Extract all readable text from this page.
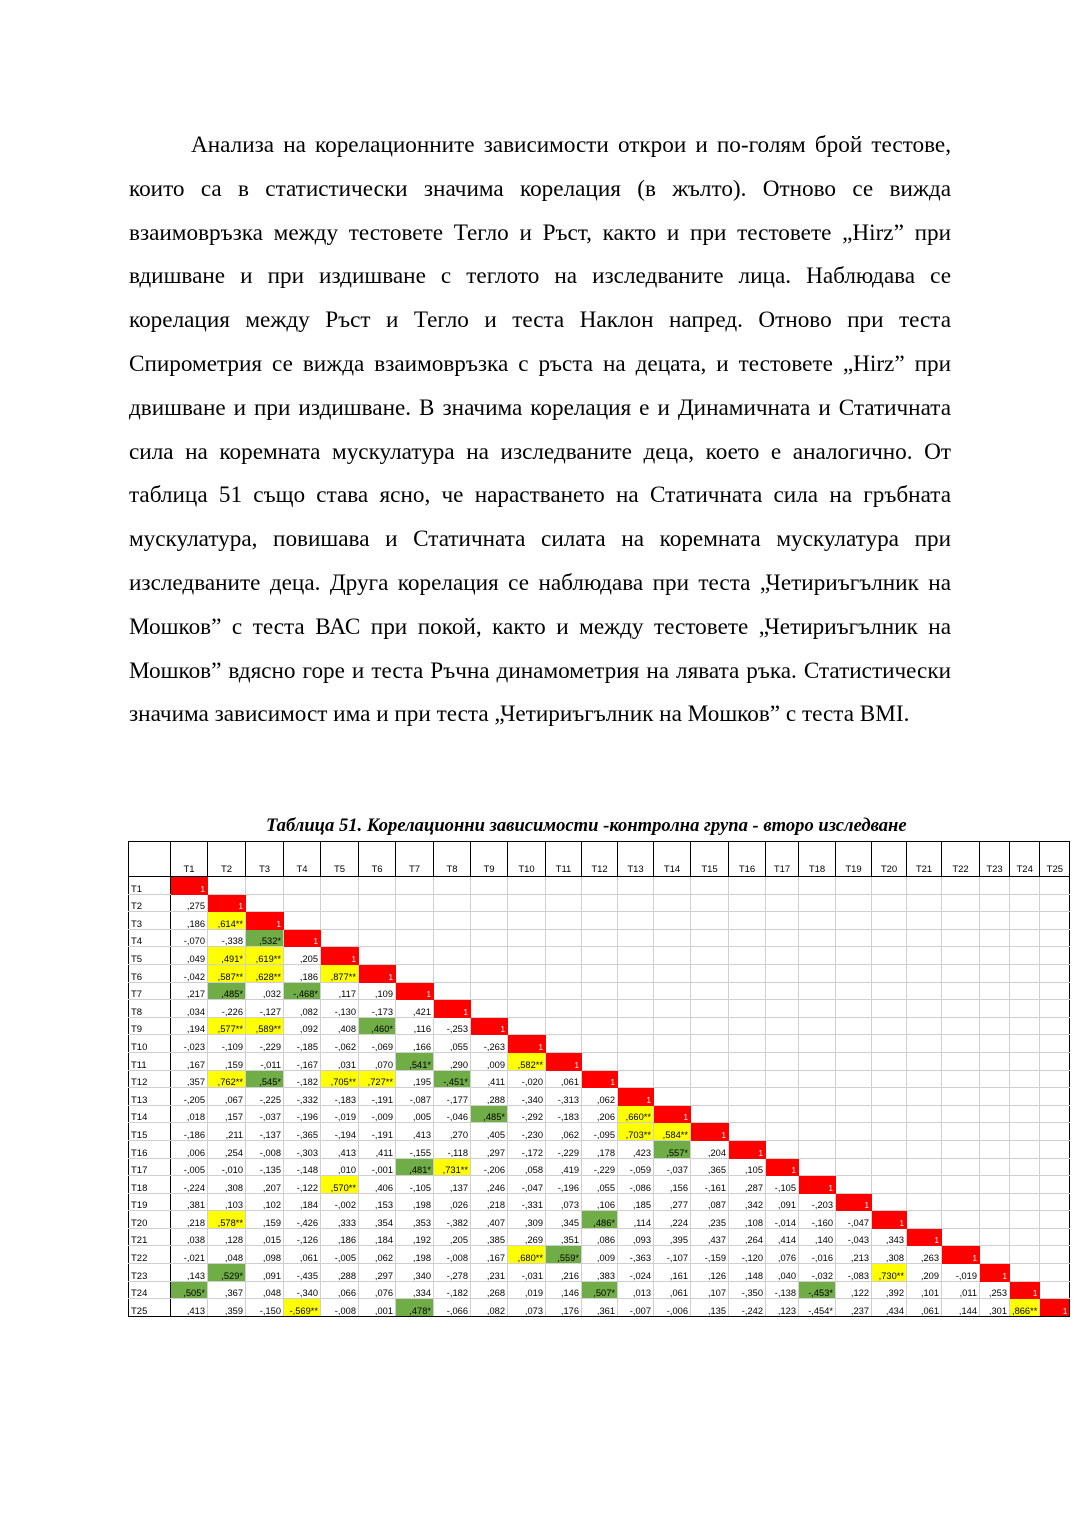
Анализа на корелационните зависимости открои и по-голям брой тестове, които са в статистически значима корелация (в жълто). Отново се вижда взаимовръзка между тестовете Тегло и Ръст, както и при тестовете „Hirz” при вдишване и при издишване с теглото на изследваните лица. Наблюдава се корелация между Ръст и Тегло и теста Наклон напред. Отново при теста Спирометрия се вижда взаимовръзка с ръста на децата, и тестовете „Hirz” при двишване и при издишване. В значима корелация е и Динамичната и Статичната сила на коремната мускулатура на изследваните деца, което е аналогично. От таблица 51 също става ясно, че нарастването на Статичната сила на гръбната мускулатура, повишава и Статичната силата на коремната мускулатура при изследваните деца. Друга корелация се наблюдава при теста „Четириъгълник на Мошков” с теста ВАС при покой, както и между тестовете „Четириъгълник на Мошков” вдясно горе и теста Ръчна динамометрия на лявата ръка. Статистически значима зависимост има и при теста „Четириъгълник на Мошков” с теста ВМI.

Таблица 51. Корелационни зависимости -контролна група - второ изследване
	T1	T2	T3	T4	T5	T6	T7	T8	T9	T10	T11	T12	T13	T14	T15	T16	T17	T18	T19	T20	T21	T22	T23	T24	T25
T1	1																								
T2	,275	1																							
T3	,186	,614**	1																						
T4	-,070	-,338	,532*	1																					
T5	,049	,491*	,619**	,205	1																				
T6	-,042	,587**	,628**	,186	,877**	1																			
T7	,217	,485*	,032	-,468*	,117	,109	1																		
T8	,034	-,226	-,127	,082	-,130	-,173	,421	1																	
T9	,194	,577**	,589**	,092	,408	,460*	,116	-,253	1																
T10	-,023	-,109	-,229	-,185	-,062	-,069	,166	,055	-,263	1															
T11	,167	,159	-,011	-,167	,031	,070	,541*	,290	,009	,582**	1														
T12	,357	,762**	,545*	-,182	,705**	,727**	,195	-,451*	,411	-,020	,061	1													
T13	-,205	,067	-,225	-,332	-,183	-,191	-,087	-,177	,288	-,340	-,313	,062	1												
T14	,018	,157	-,037	-,196	-,019	-,009	,005	-,046	,485*	-,292	-,183	,206	,660**	1											
T15	-,186	,211	-,137	-,365	-,194	-,191	,413	,270	,405	-,230	,062	-,095	,703**	,584**	1										
T16	,006	,254	-,008	-,303	,413	,411	-,155	-,118	,297	-,172	-,229	,178	,423	,557*	,204	1									
T17	-,005	-,010	-,135	-,148	,010	-,001	,481*	,731**	-,206	,058	,419	-,229	-,059	-,037	,365	,105	1								
T18	-,224	,308	,207	-,122	,570**	,406	-,105	,137	,246	-,047	-,196	,055	-,086	,156	-,161	,287	-,105	1							
T19	,381	,103	,102	,184	-,002	,153	,198	,026	,218	-,331	,073	,106	,185	,277	,087	,342	,091	-,203	1						
T20	,218	,578**	,159	-,426	,333	,354	,353	-,382	,407	,309	,345	,486*	,114	,224	,235	,108	-,014	-,160	-,047	1					
T21	,038	,128	,015	-,126	,186	,184	,192	,205	,385	,269	,351	,086	,093	,395	,437	,264	,414	,140	-,043	,343	1				
T22	-,021	,048	,098	,061	-,005	,062	,198	-,008	,167	,680**	,559*	,009	-,363	-,107	-,159	-,120	,076	-,016	,213	,308	,263	1			
T23	,143	,529*	,091	-,435	,288	,297	,340	-,278	,231	-,031	,216	,383	-,024	,161	,126	,148	,040	-,032	-,083	,730**	,209	-,019	1		
T24	,505*	,367	,048	-,340	,066	,076	,334	-,182	,268	,019	,146	,507*	,013	,061	,107	-,350	-,138	-,453*	,122	,392	,101	,011	,253	1	
T25	,413	,359	-,150	-,569**	-,008	,001	,478*	-,066	,082	,073	,176	,361	-,007	-,006	,135	-,242	,123	-,454*	,237	,434	,061	,144	,301	,866**	1
